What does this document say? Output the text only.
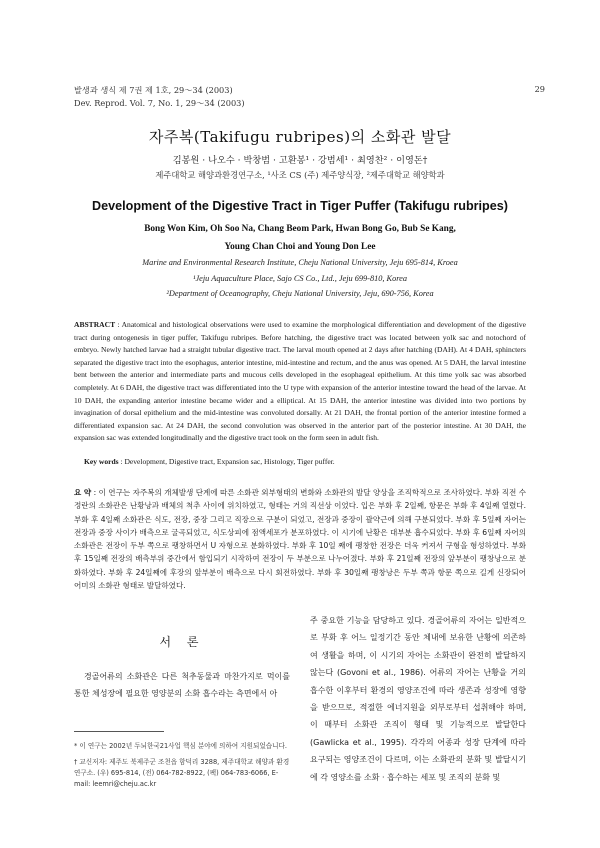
발생과 생식 제 7권 제 1호, 29～34 (2003)
Dev. Reprod. Vol. 7, No. 1, 29～34 (2003)
29
자주복(Takifugu rubripes)의 소화관 발달
김봉원 · 나오수 · 박창범 · 고환봉¹ · 강범세¹ · 최영찬² · 이영돈†
제주대학교 해양과환경연구소, ¹사조 CS (주) 제주양식장, ²제주대학교 해양학과
Development of the Digestive Tract in Tiger Puffer (Takifugu rubripes)
Bong Won Kim, Oh Soo Na, Chang Beom Park, Hwan Bong Go, Bub Se Kang,
Young Chan Choi and Young Don Lee
Marine and Environmental Research Institute, Cheju National University, Jeju 695-814, Kroea
¹Jeju Aquaculture Place, Sajo CS Co., Ltd., Jeju 699-810, Korea
²Department of Oceanography, Cheju National University, Jeju, 690-756, Korea
ABSTRACT : Anatomical and histological observations were used to examine the morphological differentiation and development of the digestive tract during ontogenesis in tiger puffer, Takifugu rubripes. Before hatching, the digestive tract was located between yolk sac and notochord of embryo. Newly hatched larvae had a straight tubular digestive tract. The larval mouth opened at 2 days after hatching (DAH). At 4 DAH, sphincters separated the digestive tract into the esophagus, anterior intestine, mid-intestine and rectum, and the anus was opened. At 5 DAH, the larval intestine bent between the anterior and intermediate parts and mucous cells developed in the esophageal epithelium. At this time yolk sac was absorbed completely. At 6 DAH, the digestive tract was differentiated into the U type with expansion of the anterior intestine toward the head of the larvae. At 10 DAH, the expanding anterior intestine became wider and a elliptical. At 15 DAH, the anterior intestine was divided into two portions by invagination of dorsal epithelium and the mid-intestine was convoluted dorsally. At 21 DAH, the frontal portion of the anterior intestine formed a differentiated expansion sac. At 24 DAH, the second convolution was observed in the anterior part of the posterior intestine. At 30 DAH, the expansion sac was extended longitudinally and the digestive tract took on the form seen in adult fish.
Key words : Development, Digestive tract, Expansion sac, Histology, Tiger puffer.
요 약 : 이 연구는 자주복의 개체발생 단계에 따른 소화관 외부형태의 변화와 소화관의 발달 양상을 조직학적으로 조사하였다. 부화 직전 수정란의 소화관은 난황낭과 배체의 척추 사이에 위치하였고, 형태는 거의 직선상 이었다. 입은 부화 후 2일째, 항문은 부화 후 4일째 열렸다. 부화 후 4일째 소화관은 식도, 전장, 중장 그리고 직장으로 구분이 되었고, 전장과 중장이 괄약근에 의해 구분되었다. 부화 후 5일째 자어는 전장과 중장 사이가 배측으로 굴곡되었고, 식도상피에 점액세포가 분포하였다. 이 시기에 난황은 대부분 흡수되었다. 부화 후 6일째 자어의 소화관은 전장이 두부 쪽으로 팽창하면서 U 자형으로 분화하였다. 부화 후 10일 째에 팽창한 전장은 더욱 커져서 구형을 형성하였다. 부화 후 15일째 전장의 배측부위 중간에서 함입되기 시작하여 전장이 두 부분으로 나누어졌다. 부화 후 21일째 전장의 앞부분이 팽창낭으로 분화하였다. 부화 후 24일째에 후장의 앞부분이 배측으로 다시 회전하였다. 부화 후 30일째 팽창낭은 두부 쪽과 항문 쪽으로 길게 신장되어 어미의 소화관 형태로 발달하였다.
서 론
경골어류의 소화관은 다른 척추동물과 마찬가지로 먹이를 통한 체성장에 필요한 영양분의 소화 흡수라는 측면에서 아

* 이 연구는 2002년 두뇌한국21사업 핵심 분야에 의하여 지원되었습니다.

† 교신저자: 제주도 북제주군 조천읍 함덕리 3288, 제주대학교 해양과 환경연구소. (우) 695-814, (전) 064-782-8922, (팩) 064-783-6066, E-mail: leemri@cheju.ac.kr

주 중요한 기능을 담당하고 있다. 경골어류의 자어는 일반적으로 부화 후 어느 일정기간 동안 체내에 보유한 난황에 의존하여 생활을 하며, 이 시기의 자어는 소화관이 완전히 발달하지 않는다 (Govoni et al., 1986). 어류의 자어는 난황을 거의 흡수한 이후부터 환경의 영양조건에 따라 생존과 성장에 영향을 받으므로, 적절한 에너지원을 외부로부터 섭취해야 하며, 이 때부터 소화관 조직이 형태 및 기능적으로 발달한다 (Gawlicka et al., 1995). 각각의 어종과 성장 단계에 따라 요구되는 영양조건이 다르며, 이는 소화관의 분화 및 발달시기에 각 영양소를 소화 · 흡수하는 세포 및 조직의 분화 및
